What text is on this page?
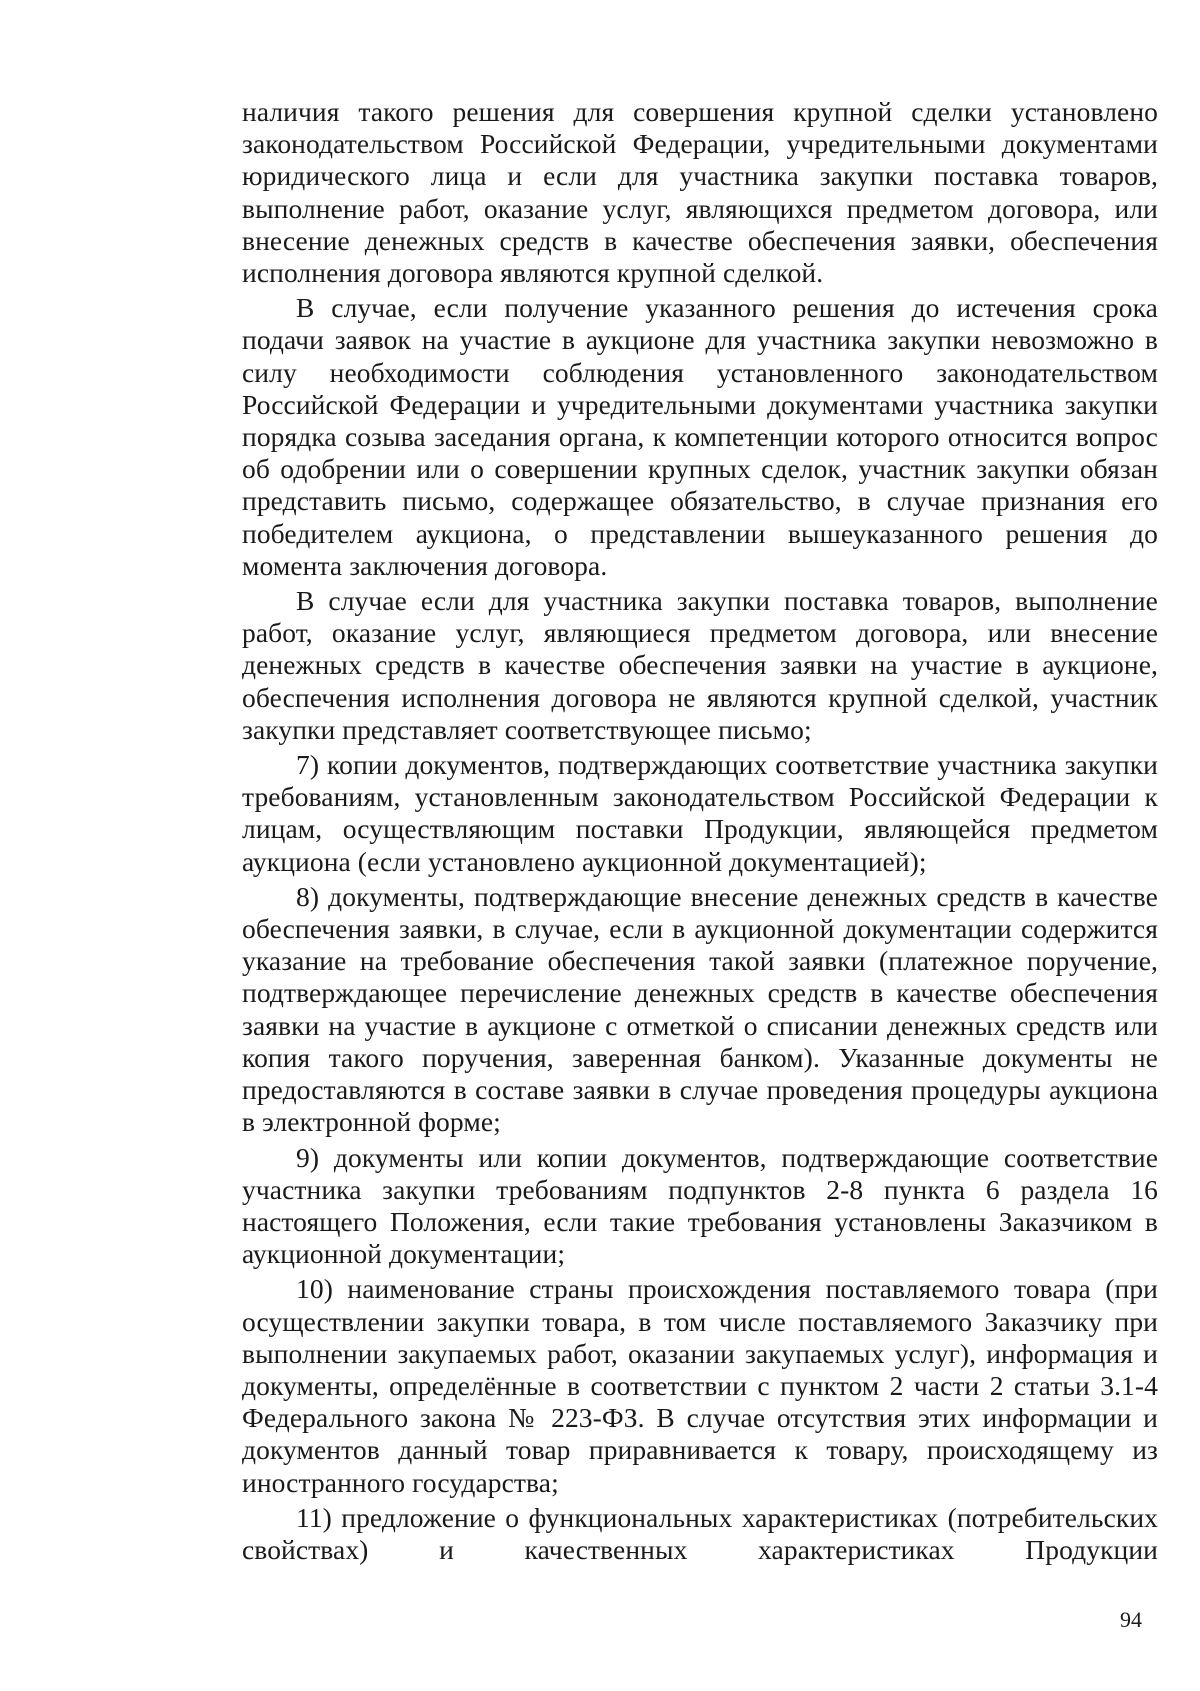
наличия такого решения для совершения крупной сделки установлено законодательством Российской Федерации, учредительными документами юридического лица и если для участника закупки поставка товаров, выполнение работ, оказание услуг, являющихся предметом договора, или внесение денежных средств в качестве обеспечения заявки, обеспечения исполнения договора являются крупной сделкой.

В случае, если получение указанного решения до истечения срока подачи заявок на участие в аукционе для участника закупки невозможно в силу необходимости соблюдения установленного законодательством Российской Федерации и учредительными документами участника закупки порядка созыва заседания органа, к компетенции которого относится вопрос об одобрении или о совершении крупных сделок, участник закупки обязан представить письмо, содержащее обязательство, в случае признания его победителем аукциона, о представлении вышеуказанного решения до момента заключения договора.

В случае если для участника закупки поставка товаров, выполнение работ, оказание услуг, являющиеся предметом договора, или внесение денежных средств в качестве обеспечения заявки на участие в аукционе, обеспечения исполнения договора не являются крупной сделкой, участник закупки представляет соответствующее письмо;

7) копии документов, подтверждающих соответствие участника закупки требованиям, установленным законодательством Российской Федерации к лицам, осуществляющим поставки Продукции, являющейся предметом аукциона (если установлено аукционной документацией);

8) документы, подтверждающие внесение денежных средств в качестве обеспечения заявки, в случае, если в аукционной документации содержится указание на требование обеспечения такой заявки (платежное поручение, подтверждающее перечисление денежных средств в качестве обеспечения заявки на участие в аукционе с отметкой о списании денежных средств или копия такого поручения, заверенная банком). Указанные документы не предоставляются в составе заявки в случае проведения процедуры аукциона в электронной форме;

9) документы или копии документов, подтверждающие соответствие участника закупки требованиям подпунктов 2-8 пункта 6 раздела 16 настоящего Положения, если такие требования установлены Заказчиком в аукционной документации;

10) наименование страны происхождения поставляемого товара (при осуществлении закупки товара, в том числе поставляемого Заказчику при выполнении закупаемых работ, оказании закупаемых услуг), информация и документы, определённые в соответствии с пунктом 2 части 2 статьи 3.1-4 Федерального закона № 223-ФЗ. В случае отсутствия этих информации и документов данный товар приравнивается к товару, происходящему из иностранного государства;

11) предложение о функциональных характеристиках (потребительских свойствах) и качественных характеристиках Продукции

94
